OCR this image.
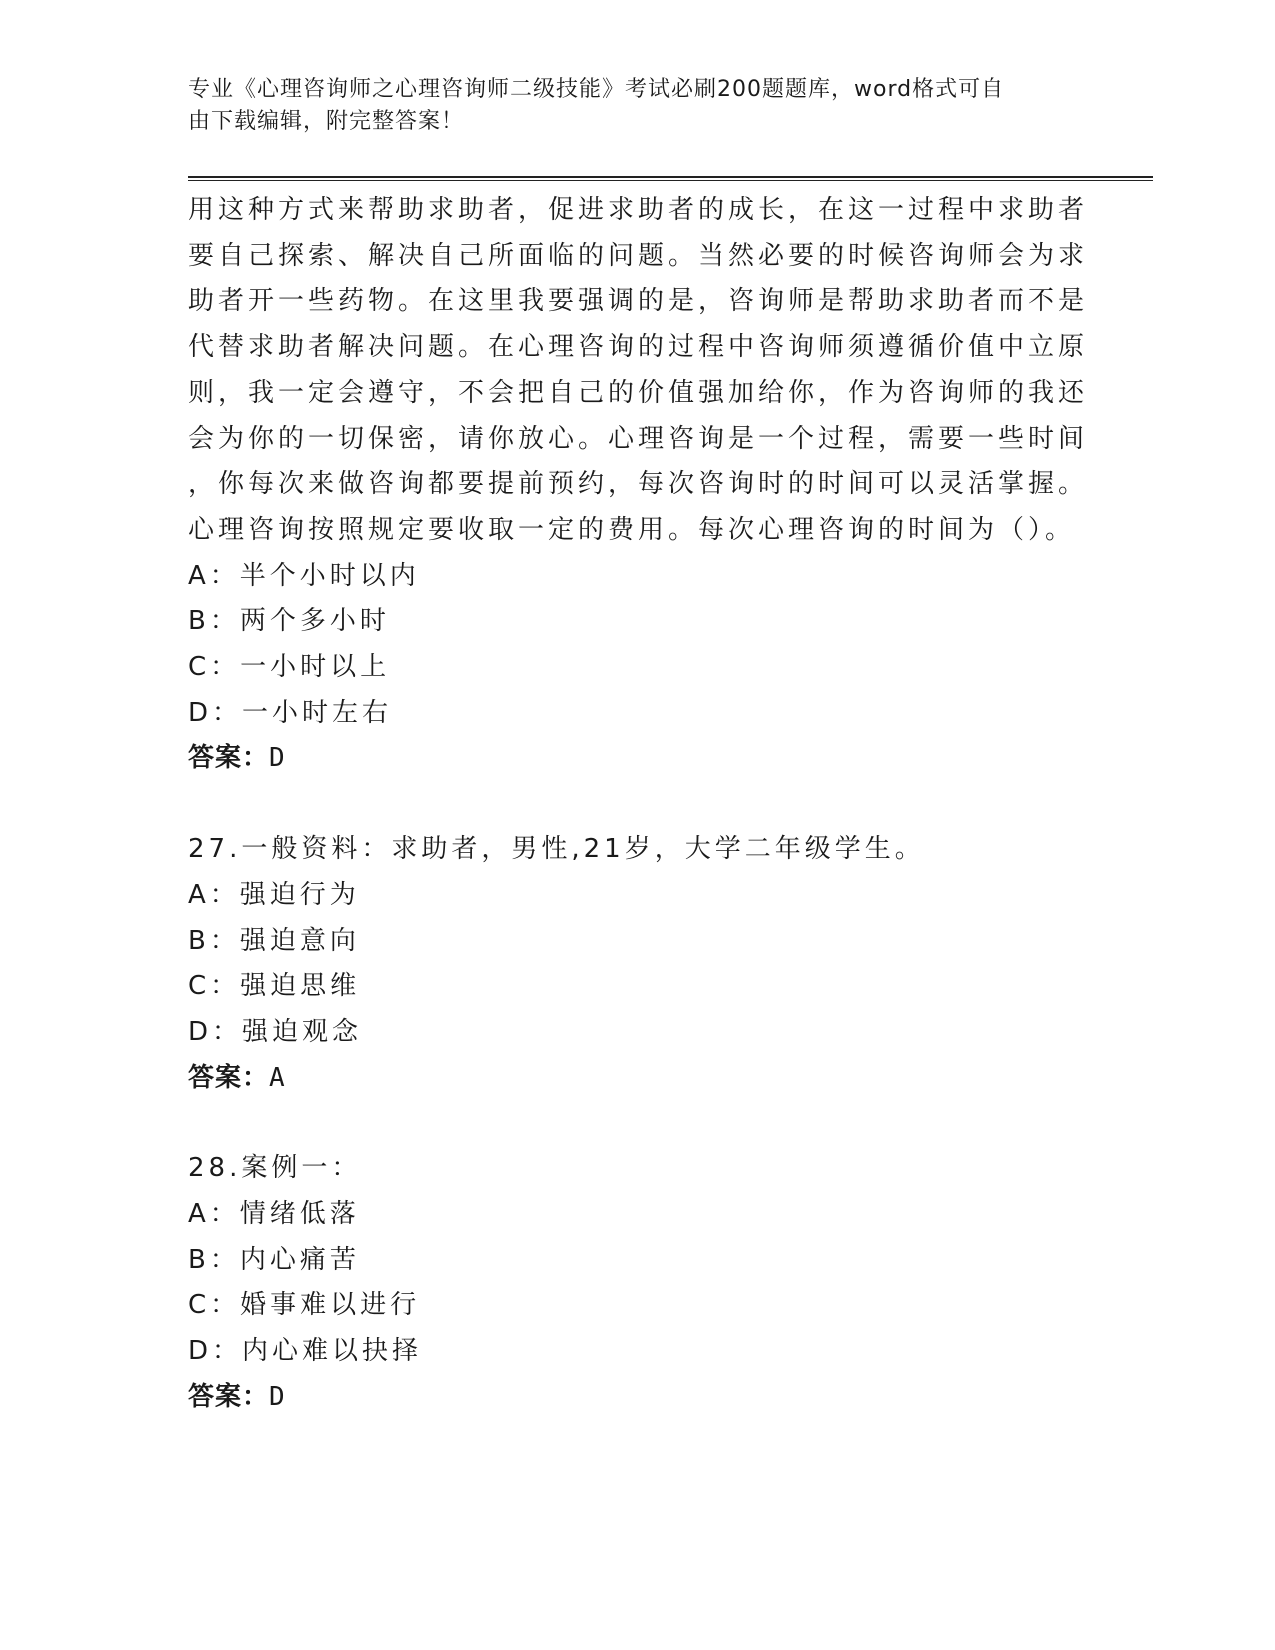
专业《心理咨询师之心理咨询师二级技能》考试必刷200题题库，word格式可自
由下载编辑，附完整答案！

用这种方式来帮助求助者，促进求助者的成长，在这一过程中求助者
要自己探索、解决自己所面临的问题。当然必要的时候咨询师会为求
助者开一些药物。在这里我要强调的是，咨询师是帮助求助者而不是
代替求助者解决问题。在心理咨询的过程中咨询师须遵循价值中立原
则，我一定会遵守，不会把自己的价值强加给你，作为咨询师的我还
会为你的一切保密，请你放心。心理咨询是一个过程，需要一些时间
，你每次来做咨询都要提前预约，每次咨询时的时间可以灵活掌握。
心理咨询按照规定要收取一定的费用。每次心理咨询的时间为（）。

A：半个小时以内
B：两个多小时
C：一小时以上
D：一小时左右
答案：D
27.一般资料：求助者，男性,21岁，大学二年级学生。
A：强迫行为
B：强迫意向
C：强迫思维
D：强迫观念
答案：A
28.案例一：
A：情绪低落
B：内心痛苦
C：婚事难以进行
D：内心难以抉择
答案：D
